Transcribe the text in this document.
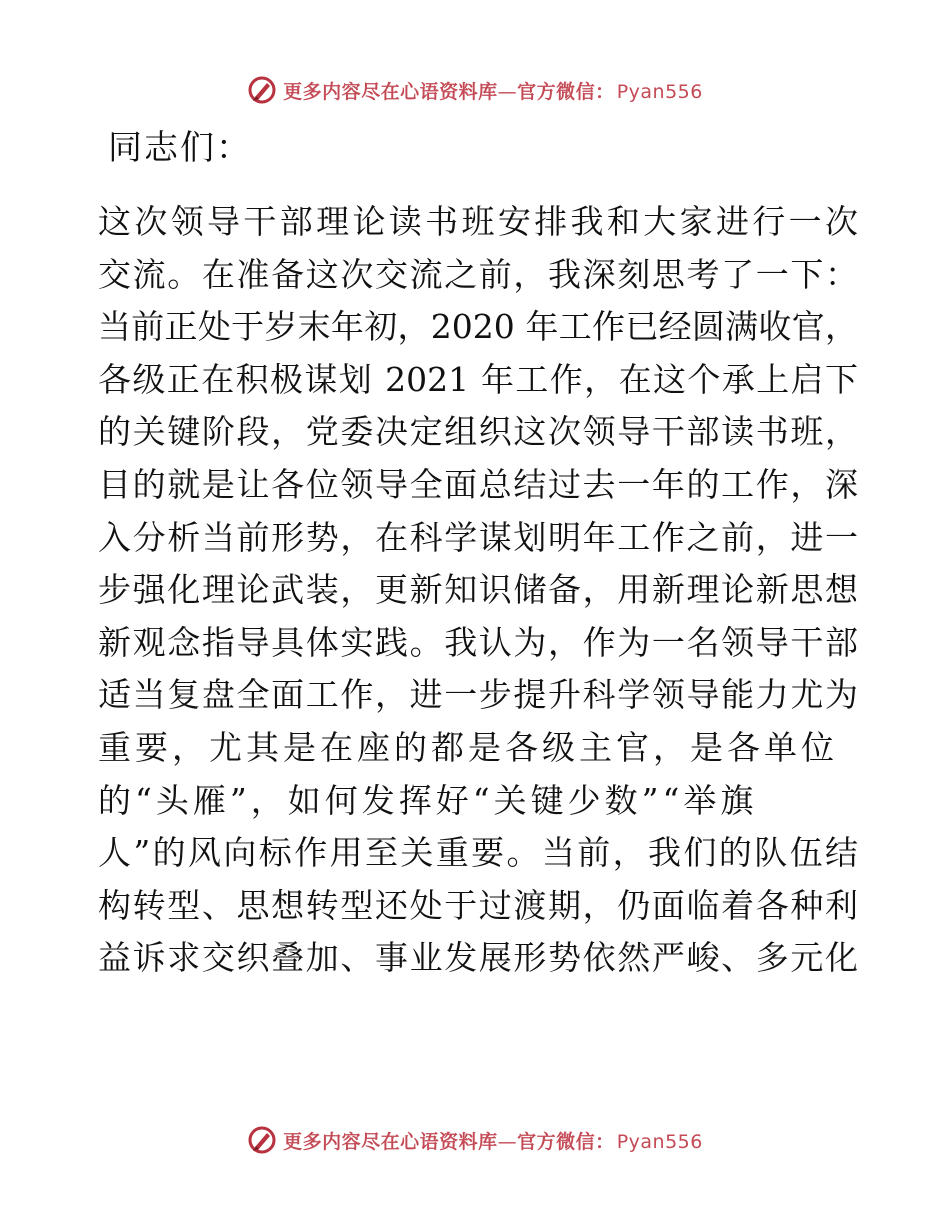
更多内容尽在心语资料库—官方微信： Pyan556
同志们：
这次领导干部理论读书班安排我和大家进行一次
交流。在准备这次交流之前，我深刻思考了一下：
当前正处于岁末年初，2020 年工作已经圆满收官，
各级正在积极谋划 2021 年工作，在这个承上启下
的关键阶段，党委决定组织这次领导干部读书班，
目的就是让各位领导全面总结过去一年的工作，深
入分析当前形势，在科学谋划明年工作之前，进一
步强化理论武装，更新知识储备，用新理论新思想
新观念指导具体实践。我认为，作为一名领导干部
适当复盘全面工作，进一步提升科学领导能力尤为
重要，尤其是在座的都是各级主官，是各单位
的“头雁”，如何发挥好“关键少数”“举旗
人”的风向标作用至关重要。当前，我们的队伍结
构转型、思想转型还处于过渡期，仍面临着各种利
益诉求交织叠加、事业发展形势依然严峻、多元化
更多内容尽在心语资料库—官方微信： Pyan556
